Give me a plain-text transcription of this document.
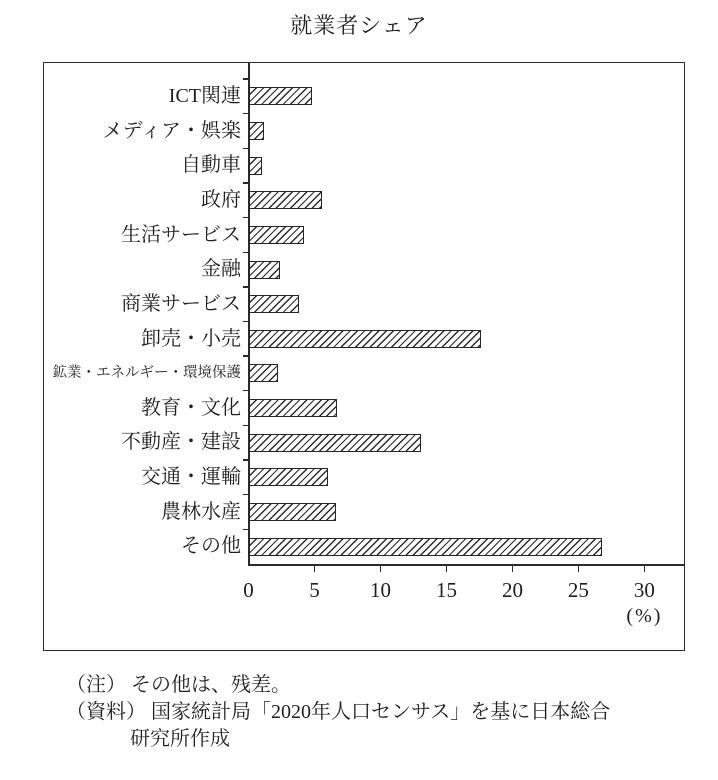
就業者シェア
ICT関連
メディア・娯楽
自動車
政府
生活サービス
金融
商業サービス
卸売・小売
鉱業・エネルギー・環境保護
教育・文化
不動産・建設
交通・運輸
農林水産
その他
0	5	10	15	20	25	30
(%)
（注） その他は、残差。
（資料） 国家統計局「2020年人口センサス」を基に日本総合
研究所作成
